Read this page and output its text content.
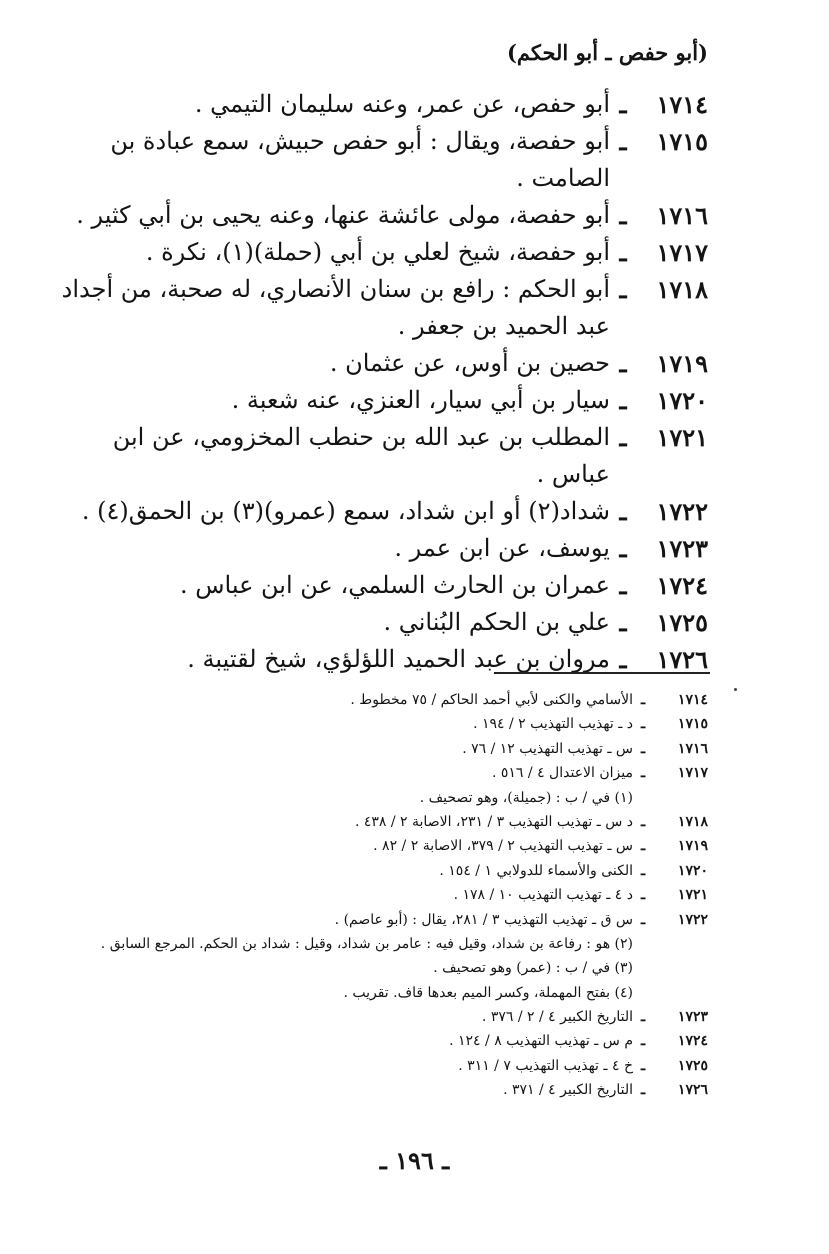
(أبو حفص ـ أبو الحكم)
١٧١٤
ـ
أبو حفص، عن عمر، وعنه سليمان التيمي .
١٧١٥
ـ
أبو حفصة، ويقال : أبو حفص حبيش، سمع عبادة بن الصامت .
١٧١٦
ـ
أبو حفصة، مولى عائشة عنها، وعنه يحيى بن أبي كثير .
١٧١٧
ـ
أبو حفصة، شيخ لعلي بن أبي (حملة)(١)، نكرة .
١٧١٨
ـ
أبو الحكم : رافع بن سنان الأنصاري، له صحبة، من أجداد عبد الحميد بن جعفر .
١٧١٩
ـ
حصين بن أوس، عن عثمان .
١٧٢٠
ـ
سيار بن أبي سيار، العنزي، عنه شعبة .
١٧٢١
ـ
المطلب بن عبد الله بن حنطب المخزومي، عن ابن عباس .
١٧٢٢
ـ
شداد(٢) أو ابن شداد، سمع (عمرو)(٣) بن الحمق(٤) .
١٧٢٣
ـ
يوسف، عن ابن عمر .
١٧٢٤
ـ
عمران بن الحارث السلمي، عن ابن عباس .
١٧٢٥
ـ
علي بن الحكم البُناني .
١٧٢٦
ـ
مروان بن عبد الحميد اللؤلؤي، شيخ لقتيبة .
١٧١٤
ـ
الأسامي والكنى لأبي أحمد الحاكم / ٧٥ مخطوط .
١٧١٥
ـ
د ـ تهذيب التهذيب ٢ / ١٩٤ .
١٧١٦
ـ
س ـ تهذيب التهذيب ١٢ / ٧٦ .
١٧١٧
ـ
ميزان الاعتدال ٤ / ٥١٦ .
(١) في / ب : (جميلة)، وهو تصحيف .
١٧١٨
ـ
د س ـ تهذيب التهذيب ٣ / ٢٣١، الاصابة ٢ / ٤٣٨ .
١٧١٩
ـ
س ـ تهذيب التهذيب ٢ / ٣٧٩، الاصابة ٢ / ٨٢ .
١٧٢٠
ـ
الكنى والأسماء للدولابي ١ / ١٥٤ .
١٧٢١
ـ
د ٤ ـ تهذيب التهذيب ١٠ / ١٧٨ .
١٧٢٢
ـ
س ق ـ تهذيب التهذيب ٣ / ٢٨١، يقال : (أبو عاصم) .
(٢) هو : رفاعة بن شداد، وقيل فيه : عامر بن شداد، وقيل : شداد بن الحكم. المرجع السابق .
(٣) في / ب : (عمر) وهو تصحيف .
(٤) بفتح المهملة، وكسر الميم بعدها قاف. تقريب .
١٧٢٣
ـ
التاريخ الكبير ٤ / ٢ / ٣٧٦ .
١٧٢٤
ـ
م س ـ تهذيب التهذيب ٨ / ١٢٤ .
١٧٢٥
ـ
خ ٤ ـ تهذيب التهذيب ٧ / ٣١١ .
١٧٢٦
ـ
التاريخ الكبير ٤ / ٣٧١ .
ـ ١٩٦ ـ
